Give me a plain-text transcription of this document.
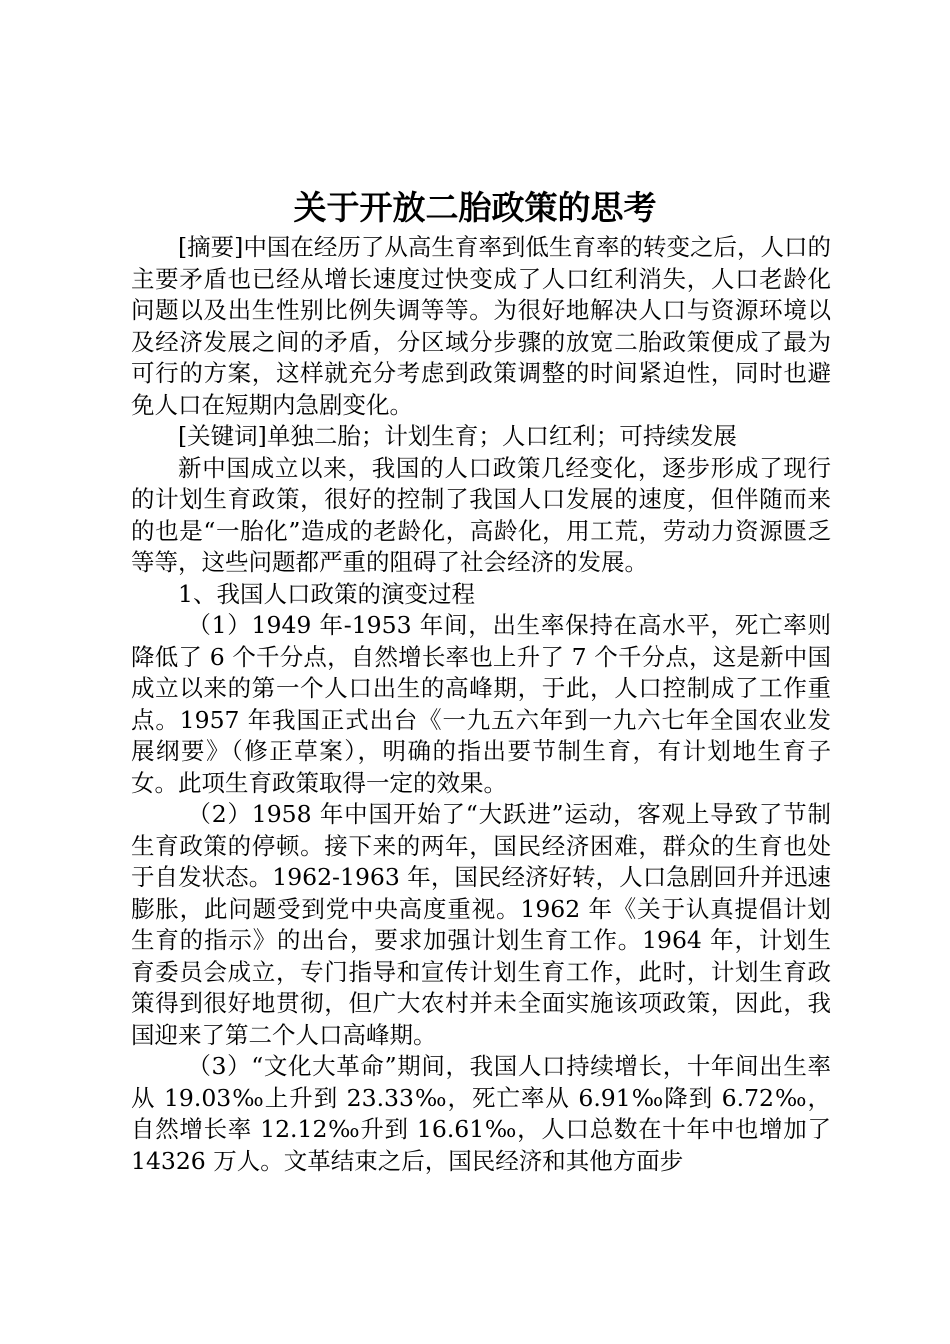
关于开放二胎政策的思考

[摘要]中国在经历了从高生育率到低生育率的转变之后，人口的主要矛盾也已经从增长速度过快变成了人口红利消失，人口老龄化问题以及出生性别比例失调等等。为很好地解决人口与资源环境以及经济发展之间的矛盾，分区域分步骤的放宽二胎政策便成了最为可行的方案，这样就充分考虑到政策调整的时间紧迫性，同时也避免人口在短期内急剧变化。

[关键词]单独二胎；计划生育；人口红利；可持续发展

新中国成立以来，我国的人口政策几经变化，逐步形成了现行的计划生育政策，很好的控制了我国人口发展的速度，但伴随而来的也是“一胎化”造成的老龄化，高龄化，用工荒，劳动力资源匮乏等等，这些问题都严重的阻碍了社会经济的发展。

1、我国人口政策的演变过程

（1）1949 年-1953 年间，出生率保持在高水平，死亡率则降低了 6 个千分点，自然增长率也上升了 7 个千分点，这是新中国成立以来的第一个人口出生的高峰期，于此，人口控制成了工作重点。1957 年我国正式出台《一九五六年到一九六七年全国农业发展纲要》（修正草案），明确的指出要节制生育，有计划地生育子女。此项生育政策取得一定的效果。

（2）1958 年中国开始了“大跃进”运动，客观上导致了节制生育政策的停顿。接下来的两年，国民经济困难，群众的生育也处于自发状态。1962-1963 年，国民经济好转，人口急剧回升并迅速膨胀，此问题受到党中央高度重视。1962 年《关于认真提倡计划生育的指示》的出台，要求加强计划生育工作。1964 年，计划生育委员会成立，专门指导和宣传计划生育工作，此时，计划生育政策得到很好地贯彻，但广大农村并未全面实施该项政策，因此，我国迎来了第二个人口高峰期。

（3）“文化大革命”期间，我国人口持续增长，十年间出生率从 19.03‰上升到 23.33‰，死亡率从 6.91‰降到 6.72‰，自然增长率 12.12‰升到 16.61‰，人口总数在十年中也增加了 14326 万人。文革结束之后，国民经济和其他方面步
